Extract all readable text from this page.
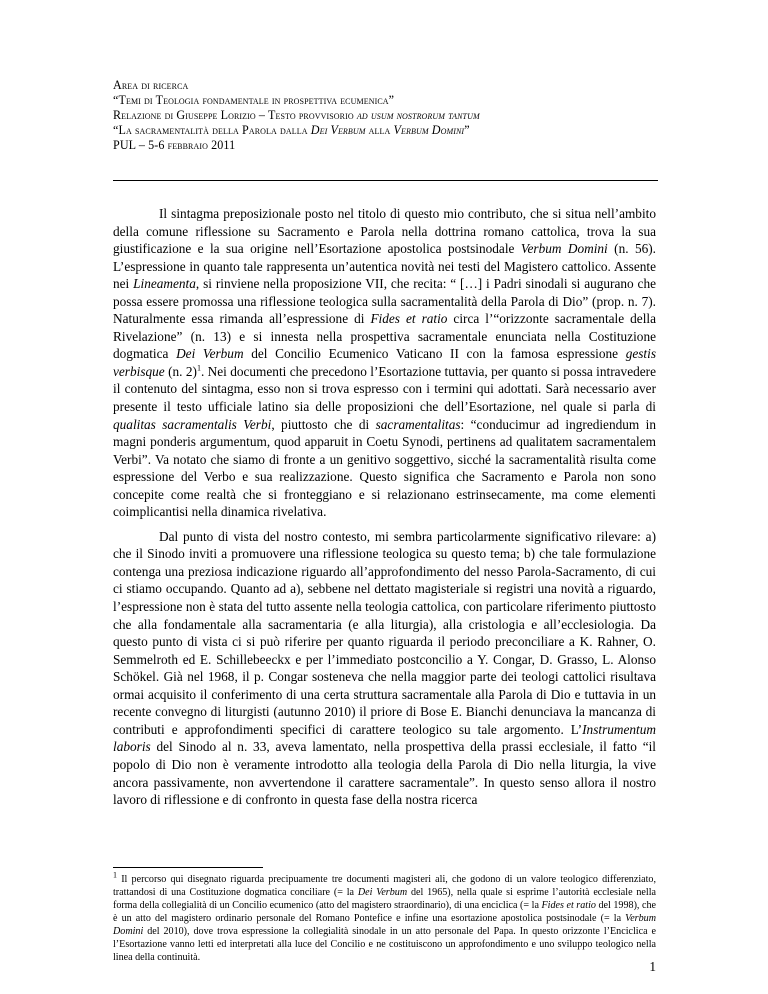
Area di ricerca
“Temi di Teologia fondamentale in prospettiva ecumenica”
Relazione di Giuseppe Lorizio – Testo provvisorio ad usum nostrorum tantum
“La sacramentalità della Parola dalla Dei Verbum alla Verbum Domini”
PUL – 5-6 febbraio 2011

Il sintagma preposizionale posto nel titolo di questo mio contributo, che si situa nell’ambito della comune riflessione su Sacramento e Parola nella dottrina romano cattolica, trova la sua giustificazione e la sua origine nell’Esortazione apostolica postsinodale Verbum Domini (n. 56). L’espressione in quanto tale rappresenta un’autentica novità nei testi del Magistero cattolico. Assente nei Lineamenta, si rinviene nella proposizione VII, che recita: “ […] i Padri sinodali si augurano che possa essere promossa una riflessione teologica sulla sacramentalità della Parola di Dio” (prop. n. 7). Naturalmente essa rimanda all’espressione di Fides et ratio circa l’“orizzonte sacramentale della Rivelazione” (n. 13) e si innesta nella prospettiva sacramentale enunciata nella Costituzione dogmatica Dei Verbum del Concilio Ecumenico Vaticano II con la famosa espressione gestis verbisque (n. 2)$^1$. Nei documenti che precedono l’Esortazione tuttavia, per quanto si possa intravedere il contenuto del sintagma, esso non si trova espresso con i termini qui adottati. Sarà necessario aver presente il testo ufficiale latino sia delle proposizioni che dell’Esortazione, nel quale si parla di qualitas sacramentalis Verbi, piuttosto che di sacramentalitas: “conducimur ad ingrediendum in magni ponderis argumentum, quod apparuit in Coetu Synodi, pertinens ad qualitatem sacramentalem Verbi”. Va notato che siamo di fronte a un genitivo soggettivo, sicché la sacramentalità risulta come espressione del Verbo e sua realizzazione. Questo significa che Sacramento e Parola non sono concepite come realtà che si fronteggiano e si relazionano estrinsecamente, ma come elementi coimplicantisi nella dinamica rivelativa.

Dal punto di vista del nostro contesto, mi sembra particolarmente significativo rilevare: a) che il Sinodo inviti a promuovere una riflessione teologica su questo tema; b) che tale formulazione contenga una preziosa indicazione riguardo all’approfondimento del nesso Parola-Sacramento, di cui ci stiamo occupando. Quanto ad a), sebbene nel dettato magisteriale si registri una novità a riguardo, l’espressione non è stata del tutto assente nella teologia cattolica, con particolare riferimento piuttosto che alla fondamentale alla sacramentaria (e alla liturgia), alla cristologia e all’ecclesiologia. Da questo punto di vista ci si può riferire per quanto riguarda il periodo preconciliare a K. Rahner, O. Semmelroth ed E. Schillebeeckx e per l’immediato postconcilio a Y. Congar, D. Grasso, L. Alonso Schökel. Già nel 1968, il p. Congar sosteneva che nella maggior parte dei teologi cattolici risultava ormai acquisito il conferimento di una certa struttura sacramentale alla Parola di Dio e tuttavia in un recente convegno di liturgisti (autunno 2010) il priore di Bose E. Bianchi denunciava la mancanza di contributi e approfondimenti specifici di carattere teologico su tale argomento. L’Instrumentum laboris del Sinodo al n. 33, aveva lamentato, nella prospettiva della prassi ecclesiale, il fatto “il popolo di Dio non è veramente introdotto alla teologia della Parola di Dio nella liturgia, la vive ancora passivamente, non avvertendone il carattere sacramentale”. In questo senso allora il nostro lavoro di riflessione e di confronto in questa fase della nostra ricerca

$^1$ Il percorso qui disegnato riguarda precipuamente tre documenti magisteri ali, che godono di un valore teologico differenziato, trattandosi di una Costituzione dogmatica conciliare (= la Dei Verbum del 1965), nella quale si esprime l’autorità ecclesiale nella forma della collegialità di un Concilio ecumenico (atto del magistero straordinario), di una enciclica (= la Fides et ratio del 1998), che è un atto del magistero ordinario personale del Romano Pontefice e infine una esortazione apostolica postsinodale (= la Verbum Domini del 2010), dove trova espressione la collegialità sinodale in un atto personale del Papa. In questo orizzonte l’Enciclica e l’Esortazione vanno letti ed interpretati alla luce del Concilio e ne costituiscono un approfondimento e uno sviluppo teologico nella linea della continuità.
1
